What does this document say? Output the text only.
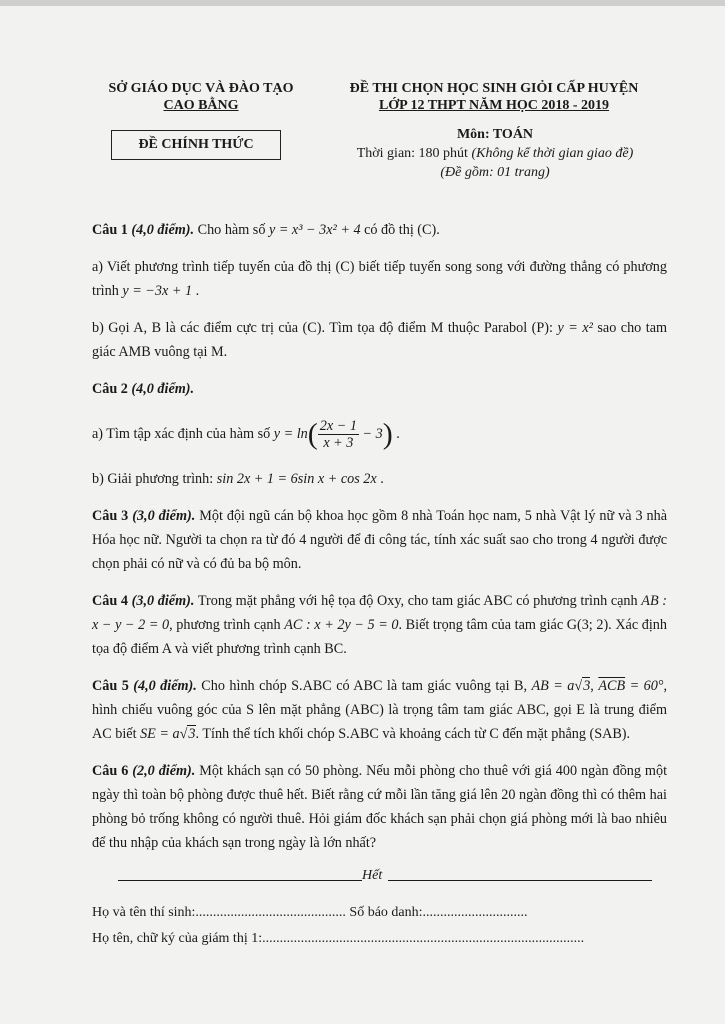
SỞ GIÁO DỤC VÀ ĐÀO TẠO
CAO BẰNG
ĐỀ THI CHỌN HỌC SINH GIỎI CẤP HUYỆN
LỚP 12 THPT NĂM HỌC 2018 - 2019
ĐỀ CHÍNH THỨC
Môn: TOÁN
Thời gian: 180 phút (Không kể thời gian giao đề)
(Đề gồm: 01 trang)

Câu 1 (4,0 điểm). Cho hàm số y = x³ − 3x² + 4 có đồ thị (C).

a) Viết phương trình tiếp tuyến của đồ thị (C) biết tiếp tuyến song song với đường thẳng có phương trình y = −3x + 1 .

b) Gọi A, B là các điểm cực trị của (C). Tìm tọa độ điểm M thuộc Parabol (P): y = x² sao cho tam giác AMB vuông tại M.

Câu 2 (4,0 điểm).

a) Tìm tập xác định của hàm số $y = \ln( \frac{2x - 1}{x + 3} - 3)$ .

b) Giải phương trình: sin 2x + 1 = 6sin x + cos 2x .

Câu 3 (3,0 điểm). Một đội ngũ cán bộ khoa học gồm 8 nhà Toán học nam, 5 nhà Vật lý nữ và 3 nhà Hóa học nữ. Người ta chọn ra từ đó 4 người để đi công tác, tính xác suất sao cho trong 4 người được chọn phải có nữ và có đủ ba bộ môn.

Câu 4 (3,0 điểm). Trong mặt phẳng với hệ tọa độ Oxy, cho tam giác ABC có phương trình cạnh AB : x − y − 2 = 0, phương trình cạnh AC : x + 2y − 5 = 0. Biết trọng tâm của tam giác G(3; 2). Xác định tọa độ điểm A và viết phương trình cạnh BC.

Câu 5 (4,0 điểm). Cho hình chóp S.ABC có ABC là tam giác vuông tại B, AB = a√3, $\overline{ACB} = 60^\circ$, hình chiếu vuông góc của S lên mặt phẳng (ABC) là trọng tâm tam giác ABC, gọi E là trung điểm AC biết SE = a√3. Tính thể tích khối chóp S.ABC và khoảng cách từ C đến mặt phẳng (SAB).

Câu 6 (2,0 điểm). Một khách sạn có 50 phòng. Nếu mỗi phòng cho thuê với giá 400 ngàn đồng một ngày thì toàn bộ phòng được thuê hết. Biết rằng cứ mỗi lần tăng giá lên 20 ngàn đồng thì có thêm hai phòng bỏ trống không có người thuê. Hỏi giám đốc khách sạn phải chọn giá phòng mới là bao nhiêu để thu nhập của khách sạn trong ngày là lớn nhất?

Hết
Họ và tên thí sinh:........................................... Số báo danh:..............................
Họ tên, chữ ký của giám thị 1:............................................................................................
